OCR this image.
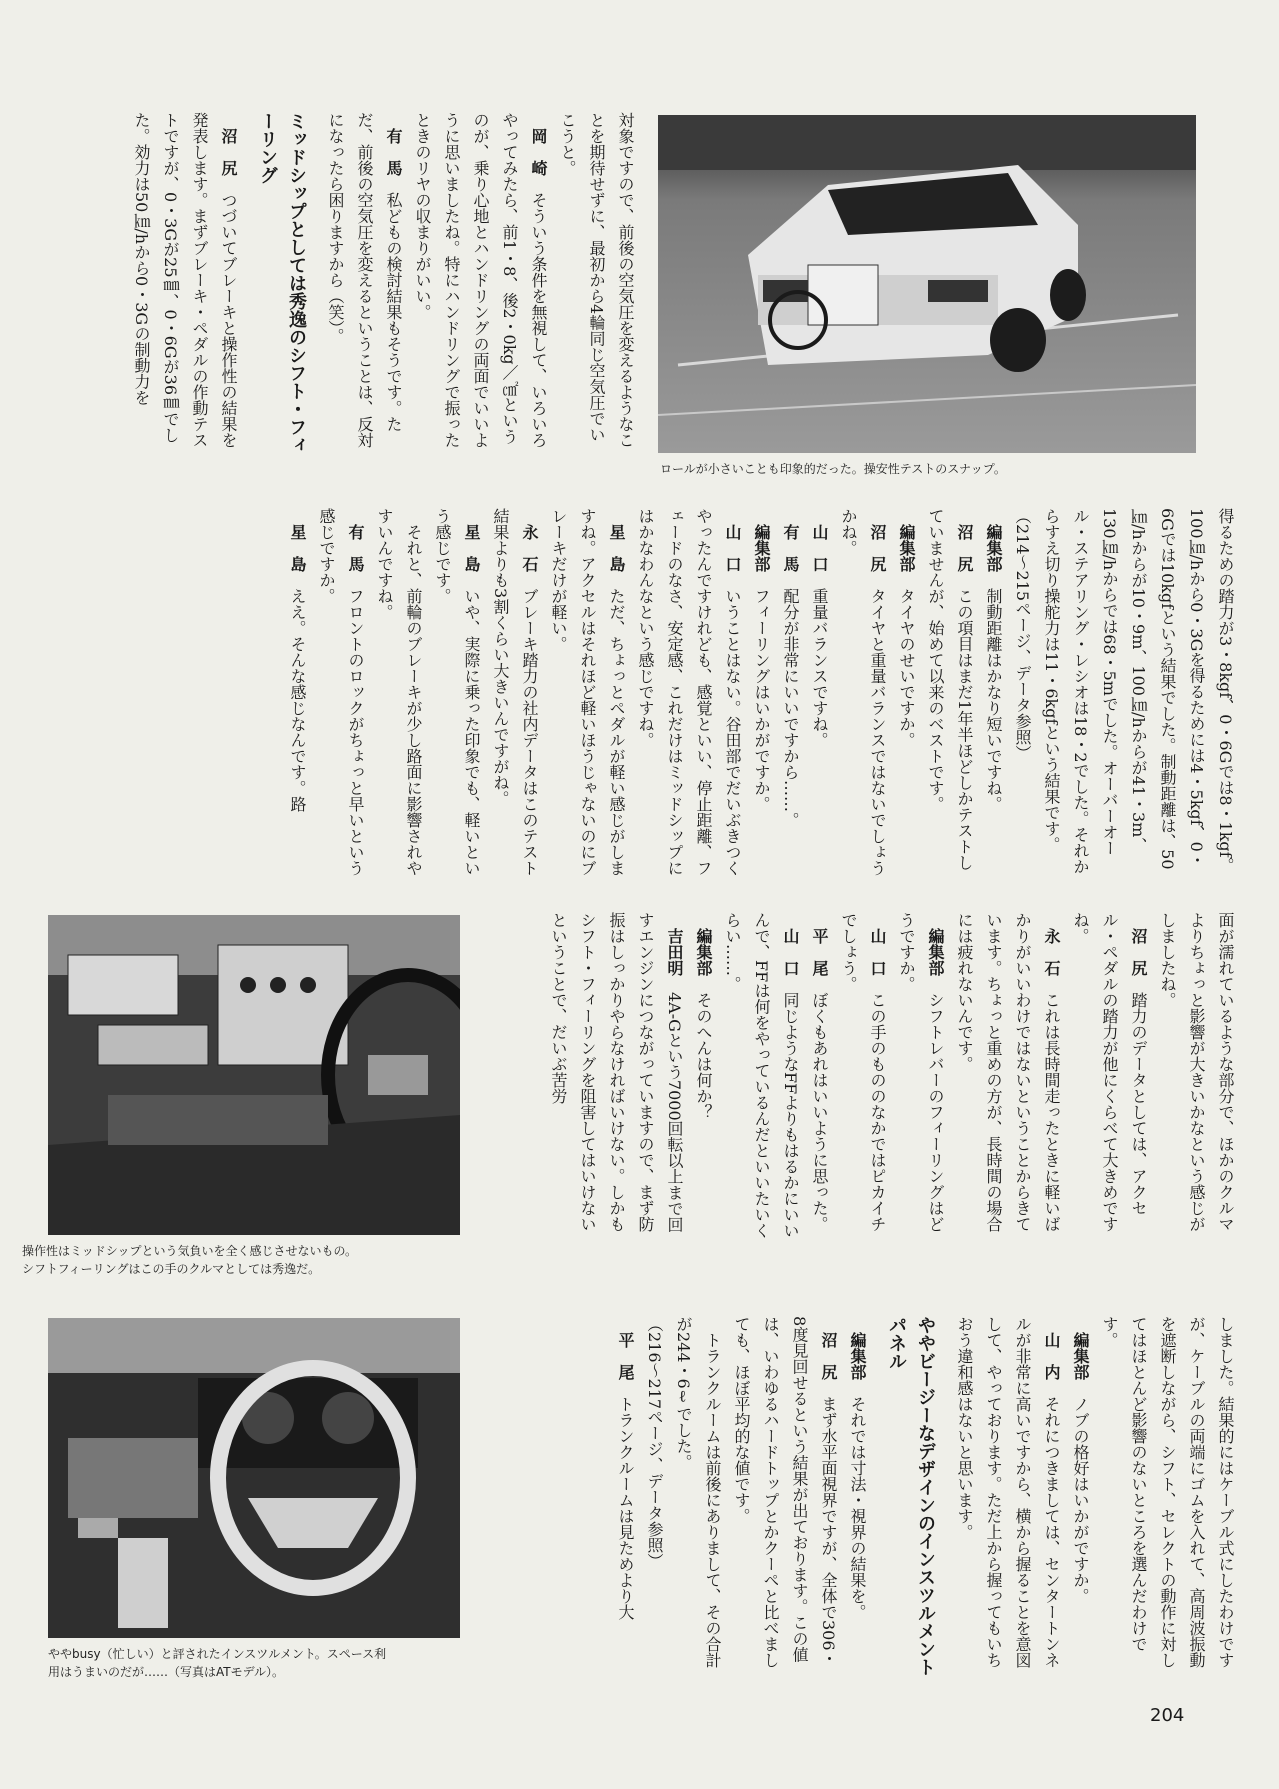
ロールが小さいことも印象的だった。操安性テストのスナップ。
操作性はミッドシップという気負いを全く感じさせないもの。
シフトフィーリングはこの手のクルマとしては秀逸だ。
ややbusy（忙しい）と評されたインスツルメント。スペース利
用はうまいのだが……（写真はATモデル）。

対象ですので、前後の空気圧を変えるようなことを期待せずに、最初から4輪同じ空気圧でいこうと。

岡　崎　そういう条件を無視して、いろいろやってみたら、前1・8、後2・0kg／㎠というのが、乗り心地とハンドリングの両面でいいように思いましたね。特にハンドリングで振ったときのリヤの収まりがいい。

有　馬　私どもの検討結果もそうです。ただ、前後の空気圧を変えるということは、反対になったら困りますから（笑）。

ミッドシップとしては秀逸のシフト・フィーリング

沼　尻　つづいてブレーキと操作性の結果を発表します。まずブレーキ・ペダルの作動テストですが、0・3Gが25㎜、0・6Gが36㎜でした。効力は50㎞/hから0・3Gの制動力を

得るための踏力が3・8kgf、0・6Gでは8・1kgf。100㎞/hから0・3Gを得るためには4・5kgf、0・6Gでは10kgfという結果でした。制動距離は、50㎞/hからが10・9m、100㎞/hからが41・3m、130㎞/hからでは68・5mでした。オーバーオール・ステアリング・レシオは18・2でした。それからすえ切り操舵力は11・6kgfという結果です。

（214〜215ページ、データ参照）

編集部　制動距離はかなり短いですね。

沼　尻　この項目はまだ1年半ほどしかテストしていませんが、始めて以来のベストです。

編集部　タイヤのせいですか。

沼　尻　タイヤと重量バランスではないでしょうかね。

山　口　重量バランスですね。

有　馬　配分が非常にいいですから……。

編集部　フィーリングはいかがですか。

山　口　いうことはない。谷田部でだいぶきつくやったんですけれども、感覚といい、停止距離、フェードのなさ、安定感、これだけはミッドシップにはかなわんなという感じですね。

星　島　ただ、ちょっとペダルが軽い感じがしますね。アクセルはそれほど軽いほうじゃないのにブレーキだけが軽い。

永　石　ブレーキ踏力の社内データはこのテスト結果よりも3割くらい大きいんですがね。

星　島　いや、実際に乗った印象でも、軽いという感じです。

それと、前輪のブレーキが少し路面に影響されやすいんですね。

有　馬　フロントのロックがちょっと早いという感じですか。

星　島　ええ。そんな感じなんです。路

面が濡れているような部分で、ほかのクルマよりちょっと影響が大きいかなという感じがしましたね。

沼　尻　踏力のデータとしては、アクセル・ペダルの踏力が他にくらべて大きめですね。

永　石　これは長時間走ったときに軽いばかりがいいわけではないということからきています。ちょっと重めの方が、長時間の場合には疲れないんです。

編集部　シフトレバーのフィーリングはどうですか。

山　口　この手のもののなかではピカイチでしょう。

平　尾　ぼくもあれはいいように思った。

山　口　同じようなFFよりもはるかにいいんで、FFは何をやっているんだといいたいくらい……。

編集部　そのへんは何か？

吉田明　4A-Gという7000回転以上まで回すエンジンにつながっていますので、まず防振はしっかりやらなければいけない。しかもシフト・フィーリングを阻害してはいけないということで、だいぶ苦労

しました。結果的にはケーブル式にしたわけですが、ケーブルの両端にゴムを入れて、高周波振動を遮断しながら、シフト、セレクトの動作に対してはほとんど影響のないところを選んだわけです。

編集部　ノブの格好はいかがですか。

山　内　それにつきましては、センタートンネルが非常に高いですから、横から握ることを意図して、やっております。ただ上から握ってもいちおう違和感はないと思います。

ややビージーなデザインのインスツルメントパネル

編集部　それでは寸法・視界の結果を。

沼　尻　まず水平面視界ですが、全体で306・8度見回せるという結果が出ております。この値は、いわゆるハードトップとかクーペと比べましても、ほぼ平均的な値です。

トランクルームは前後にありまして、その合計が244・6ℓでした。

（216〜217ページ、データ参照）

平　尾　トランクルームは見ためより大

204
